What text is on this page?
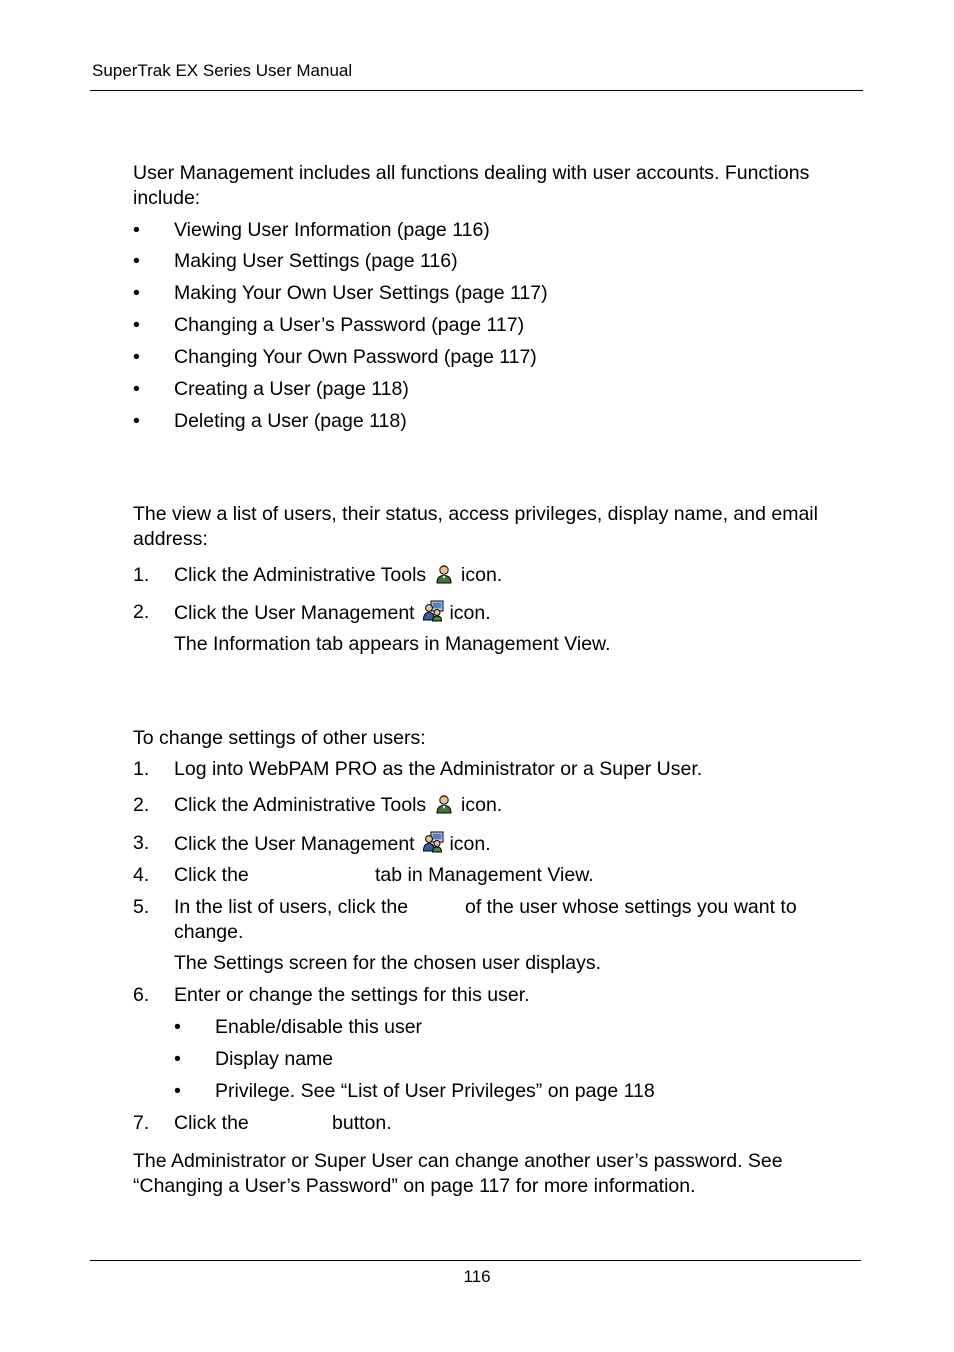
SuperTrak EX Series User Manual
User Management includes all functions dealing with user accounts. Functions include:
• Viewing User Information (page 116)
• Making User Settings (page 116)
• Making Your Own User Settings (page 117)
• Changing a User’s Password (page 117)
• Changing Your Own Password (page 117)
• Creating a User (page 118)
• Deleting a User (page 118)
The view a list of users, their status, access privileges, display name, and email address:
1. Click the Administrative Tools icon.
2. Click the User Management icon.
The Information tab appears in Management View.
To change settings of other users:
1. Log into WebPAM PRO as the Administrator or a Super User.
2. Click the Administrative Tools icon.
3. Click the User Management icon.
4. Click the	tab in Management View.
5. In the list of users, click the	of the user whose settings you want to
change.
The Settings screen for the chosen user displays.
6. Enter or change the settings for this user.
• Enable/disable this user
• Display name
• Privilege. See “List of User Privileges” on page 118
7. Click the	button.
The Administrator or Super User can change another user’s password. See “Changing a User’s Password” on page 117 for more information.
116
